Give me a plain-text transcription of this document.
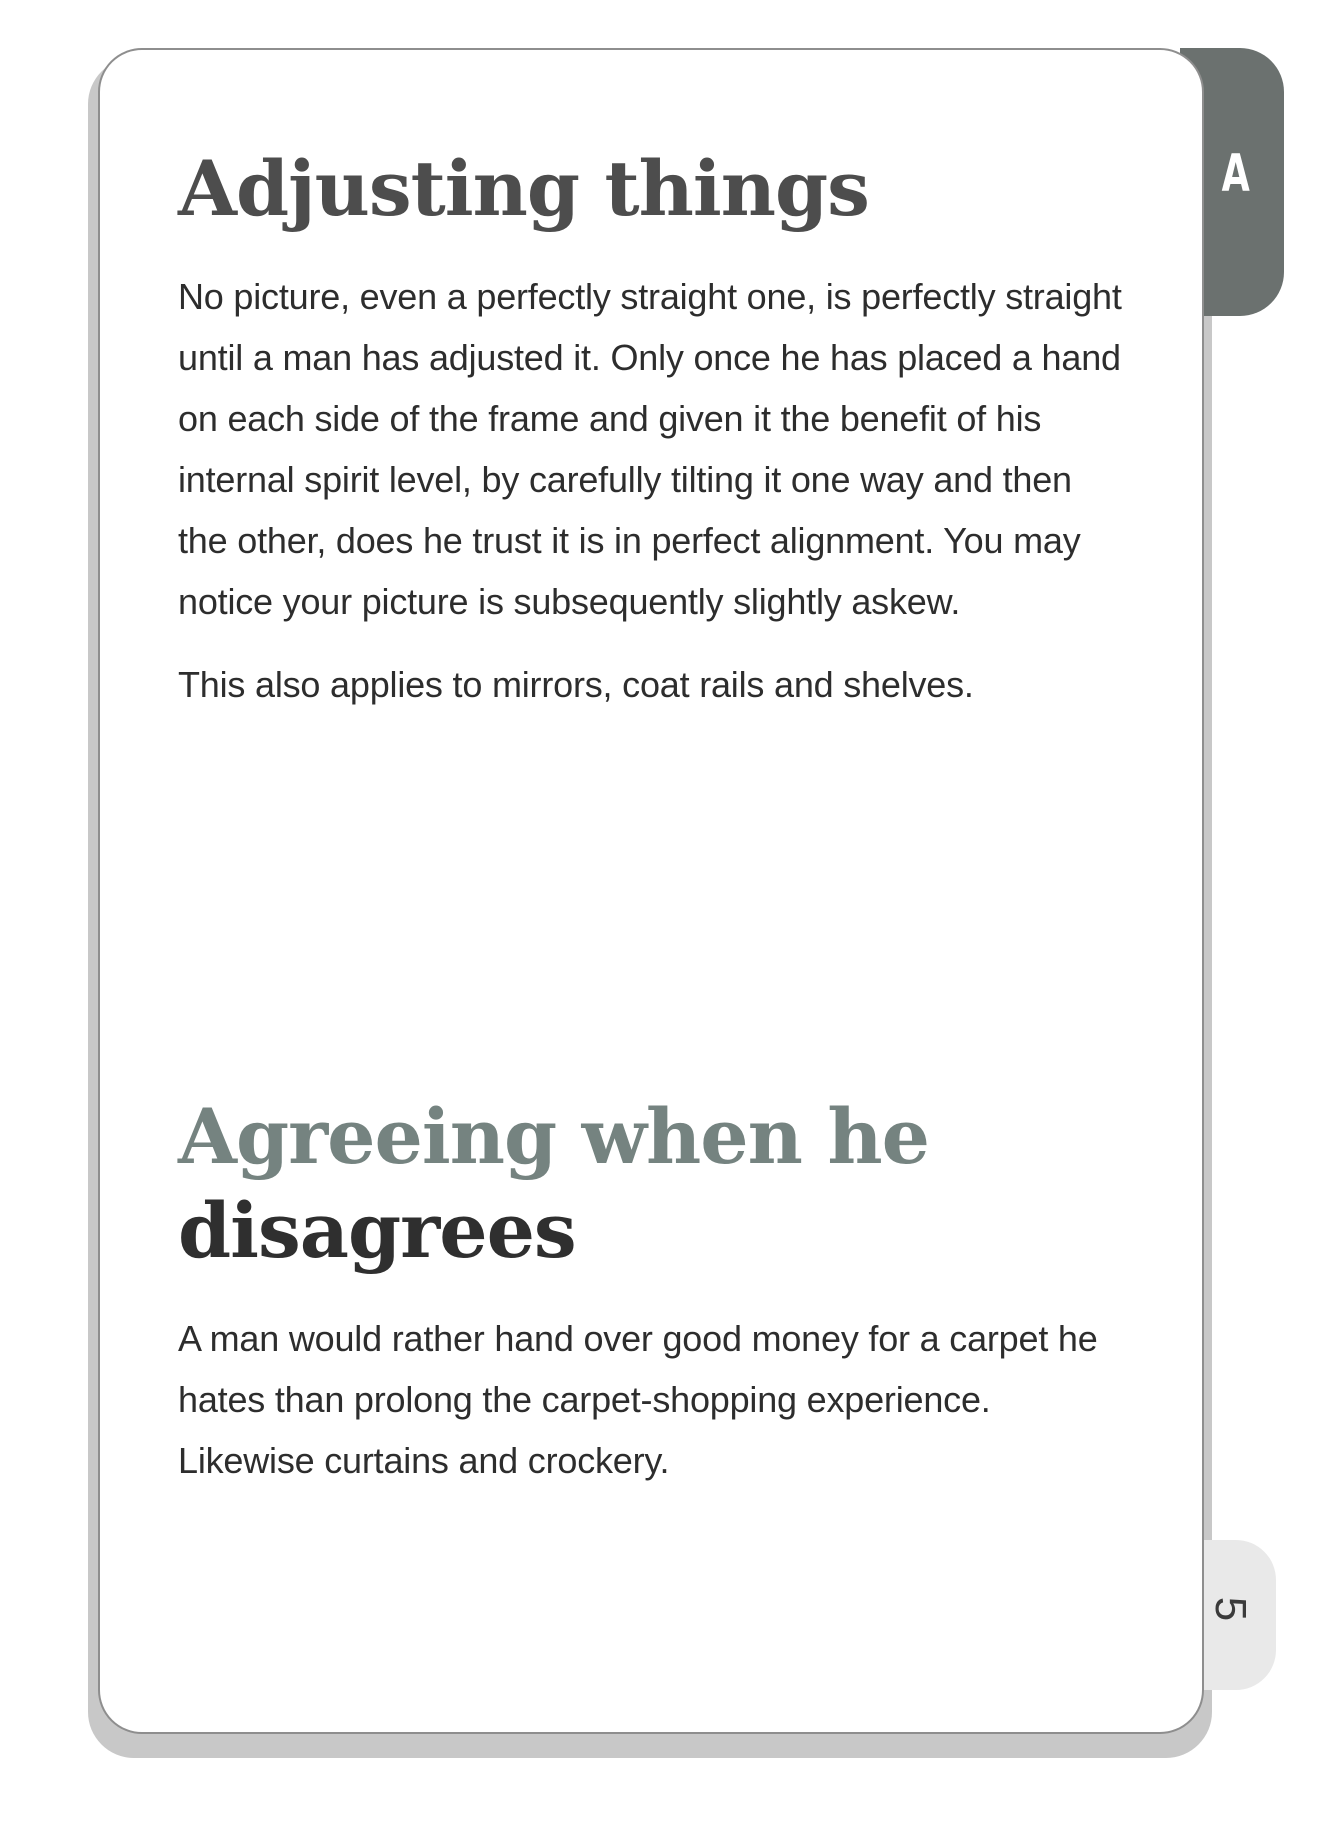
A
5
Adjusting things

No picture, even a perfectly straight one, is perfectly straight until a man has adjusted it. Only once he has placed a hand on each side of the frame and given it the benefit of his internal spirit level, by carefully tilting it one way and then the other, does he trust it is in perfect alignment. You may notice your picture is subsequently slightly askew.

This also applies to mirrors, coat rails and shelves.

Agreeing when he
disagrees

A man would rather hand over good money for a carpet he hates than prolong the carpet-shopping experience. Likewise curtains and crockery.
